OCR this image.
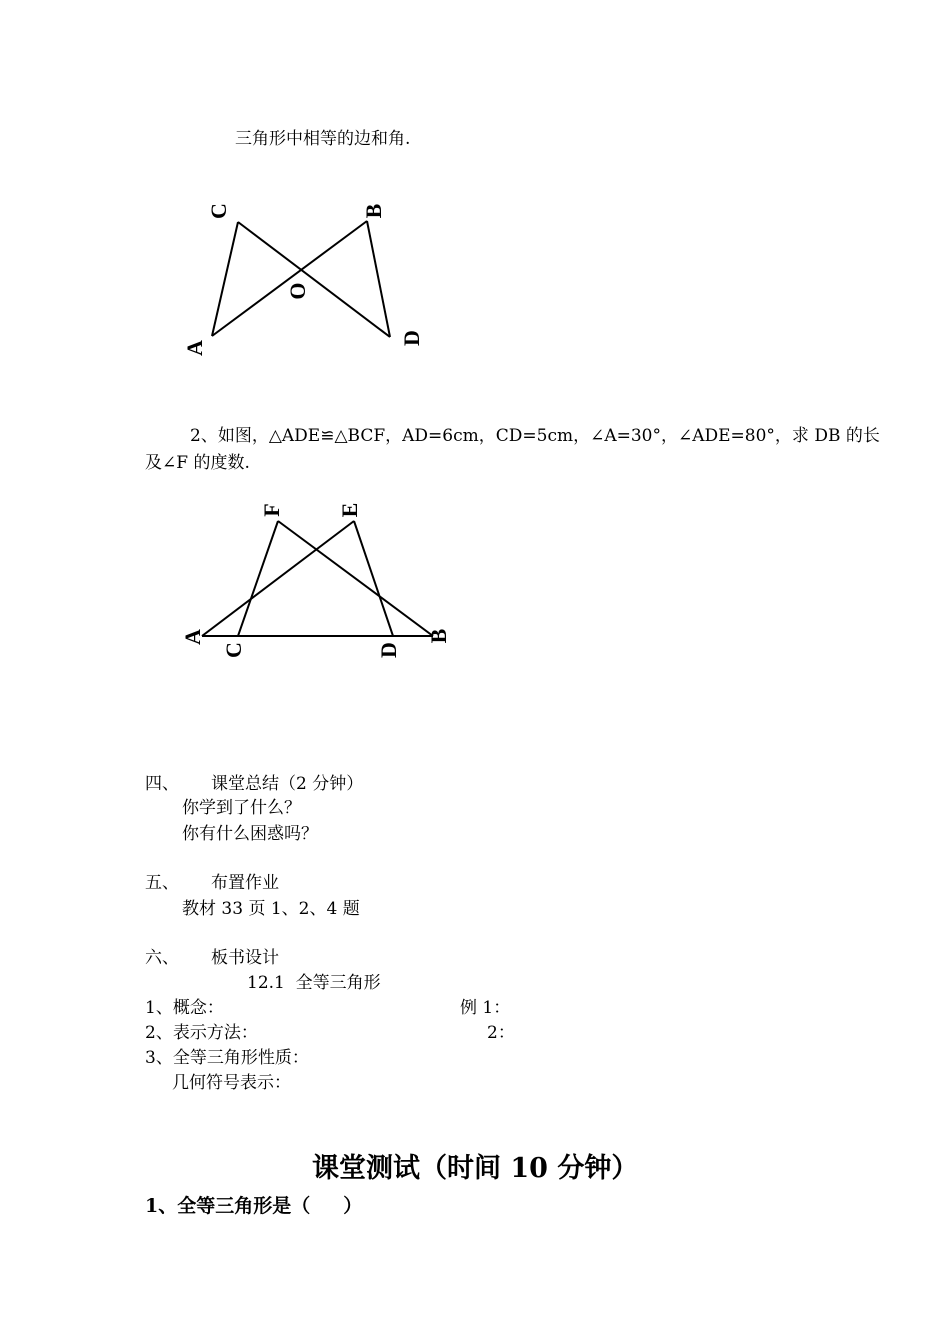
三角形中相等的边和角.
C	B
O
A
D
2、如图，△ADE≌△BCF，AD=6cm，CD=5cm，∠A=30°，∠ADE=80°，求 DB 的长
及∠F 的度数.
F E
A
C	D
B
四、 课堂总结（2 分钟）
你学到了什么？
你有什么困惑吗？
五、 布置作业
教材 33 页 1、2、4 题
六、 板书设计
12.1  全等三角形
1、概念：	例 1：
2、表示方法：	2：
3、全等三角形性质：
几何符号表示：
课堂测试（时间 10 分钟）
1、全等三角形是（     ）
